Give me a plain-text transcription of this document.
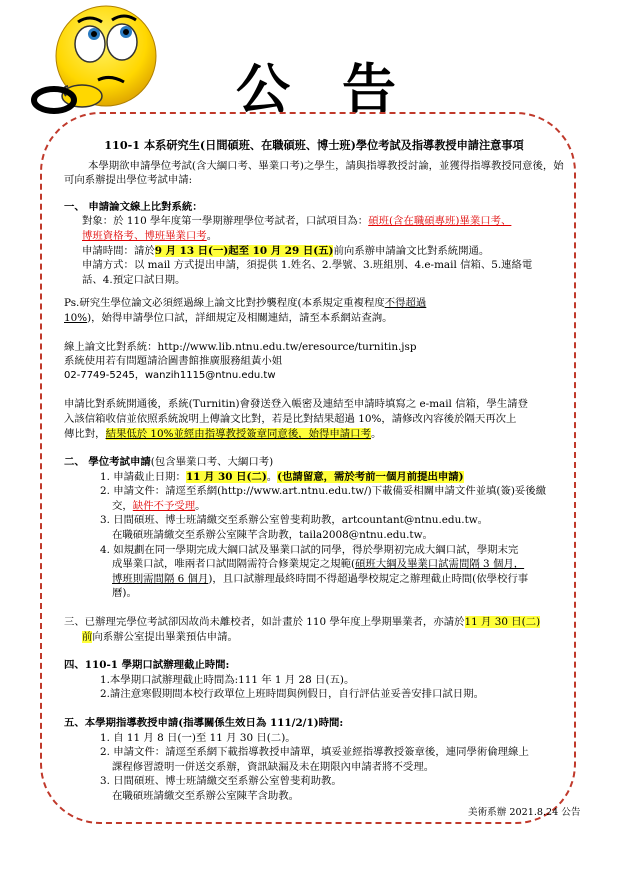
公告

110-1 本系研究生(日間碩班、在職碩班、博士班)學位考試及指導教授申請注意事項

本學期欲申請學位考試(含大綱口考、畢業口考)之學生，請與指導教授討論，並獲得指導教授同意後，始可向系辦提出學位考試申請:

一、 申請論文線上比對系統：

對象：於 110 學年度第一學期辦理學位考試者，口試項目為：碩班(含在職碩專班)畢業口考、

博班資格考、博班畢業口考。

申請時間：請於9 月 13 日(一)起至 10 月 29 日(五)前向系辦申請論文比對系統開通。

申請方式：以 mail 方式提出申請，須提供 1.姓名、2.學號、3.班組別、4.e-mail 信箱、5.連絡電

話、4.預定口試日期。

Ps.研究生學位論文必須經過線上論文比對抄襲程度(本系規定重複程度不得超過

10%)，始得申請學位口試，詳細規定及相關連結，請至本系網站查詢。

線上論文比對系統：http://www.lib.ntnu.edu.tw/eresource/turnitin.jsp

系統使用若有問題請洽圖書館推廣服務組黃小姐

02-7749-5245，wanzih1115@ntnu.edu.tw

申請比對系統開通後，系統(Turnitin)會發送登入帳密及連結至申請時填寫之 e-mail 信箱，學生請登

入該信箱收信並依照系統說明上傳論文比對，若是比對結果超過 10%，請修改內容後於隔天再次上

傳比對，結果低於 10%並經由指導教授簽章同意後，始得申請口考。

二、 學位考試申請(包含畢業口考、大綱口考)

1. 申請截止日期：11 月 30 日(二)。(也請留意，需於考前一個月前提出申請)

2. 申請文件：請逕至系網(http://www.art.ntnu.edu.tw/)下載備妥相關申請文件並填(簽)妥後繳

交，缺件不予受理。

3. 日間碩班、博士班請繳交至系辦公室曾斐莉助教，artcountant@ntnu.edu.tw。

在職碩班請繳交至系辦公室陳芊含助教，taila2008@ntnu.edu.tw。

4. 如規劃在同一學期完成大綱口試及畢業口試的同學，得於學期初完成大綱口試，學期末完

成畢業口試，唯兩者口試間隔需符合修業規定之規範(碩班大綱及畢業口試需間隔 3 個月，

博班則需間隔 6 個月)，且口試辦理最終時間不得超過學校規定之辦理截止時間(依學校行事

曆)。

三、已辦理完學位考試卻因故尚未離校者，如計畫於 110 學年度上學期畢業者，亦請於11 月 30 日(二)

前向系辦公室提出畢業預估申請。

四、110-1 學期口試辦理截止時間:

1.本學期口試辦理截止時間為:111 年 1 月 28 日(五)。

2.請注意寒假期間本校行政單位上班時間與例假日，自行評估並妥善安排口試日期。

五、本學期指導教授申請(指導關係生效日為 111/2/1)時間:

1. 自 11 月 8 日(一)至 11 月 30 日(二)。

2. 申請文件：請逕至系網下載指導教授申請單，填妥並經指導教授簽章後，連同學術倫理線上

課程修習證明一併送交系辦，資訊缺漏及未在期限內申請者將不受理。

3. 日間碩班、博士班請繳交至系辦公室曾斐莉助教。

在職碩班請繳交至系辦公室陳芊含助教。

美術系辦 2021.8.24 公告
